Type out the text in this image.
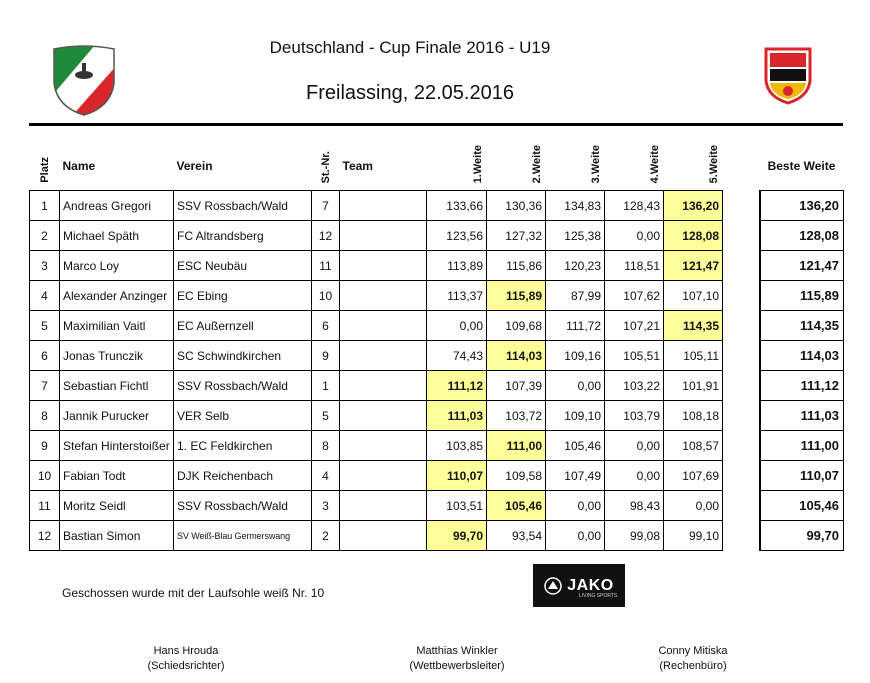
Deutschland - Cup Finale 2016 - U19
Freilassing, 22.05.2016
Platz	Name	Verein	St.-Nr.	Team	1.Weite	2.Weite	3.Weite	4.Weite	5.Weite		Beste Weite
1	Andreas Gregori	SSV Rossbach/Wald	7		133,66	130,36	134,83	128,43	136,20		136,20
2	Michael Späth	FC Altrandsberg	12		123,56	127,32	125,38	0,00	128,08		128,08
3	Marco Loy	ESC Neubäu	11		113,89	115,86	120,23	118,51	121,47		121,47
4	Alexander Anzinger	EC Ebing	10		113,37	115,89	87,99	107,62	107,10		115,89
5	Maximilian Vaitl	EC Außernzell	6		0,00	109,68	111,72	107,21	114,35		114,35
6	Jonas Trunczik	SC Schwindkirchen	9		74,43	114,03	109,16	105,51	105,11		114,03
7	Sebastian Fichtl	SSV Rossbach/Wald	1		111,12	107,39	0,00	103,22	101,91		111,12
8	Jannik Purucker	VER Selb	5		111,03	103,72	109,10	103,79	108,18		111,03
9	Stefan Hinterstoißer	1. EC Feldkirchen	8		103,85	111,00	105,46	0,00	108,57		111,00
10	Fabian Todt	DJK Reichenbach	4		110,07	109,58	107,49	0,00	107,69		110,07
11	Moritz Seidl	SSV Rossbach/Wald	3		103,51	105,46	0,00	98,43	0,00		105,46
12	Bastian Simon	SV Weiß-Blau Germerswang	2		99,70	93,54	0,00	99,08	99,10		99,70
Geschossen wurde mit der Laufsohle weiß Nr. 10	JAKO
LIVING SPORTS
Hans Hrouda
(Schiedsrichter)
Matthias Winkler
(Wettbewerbsleiter)
Conny Mitiska
(Rechenbüro)
